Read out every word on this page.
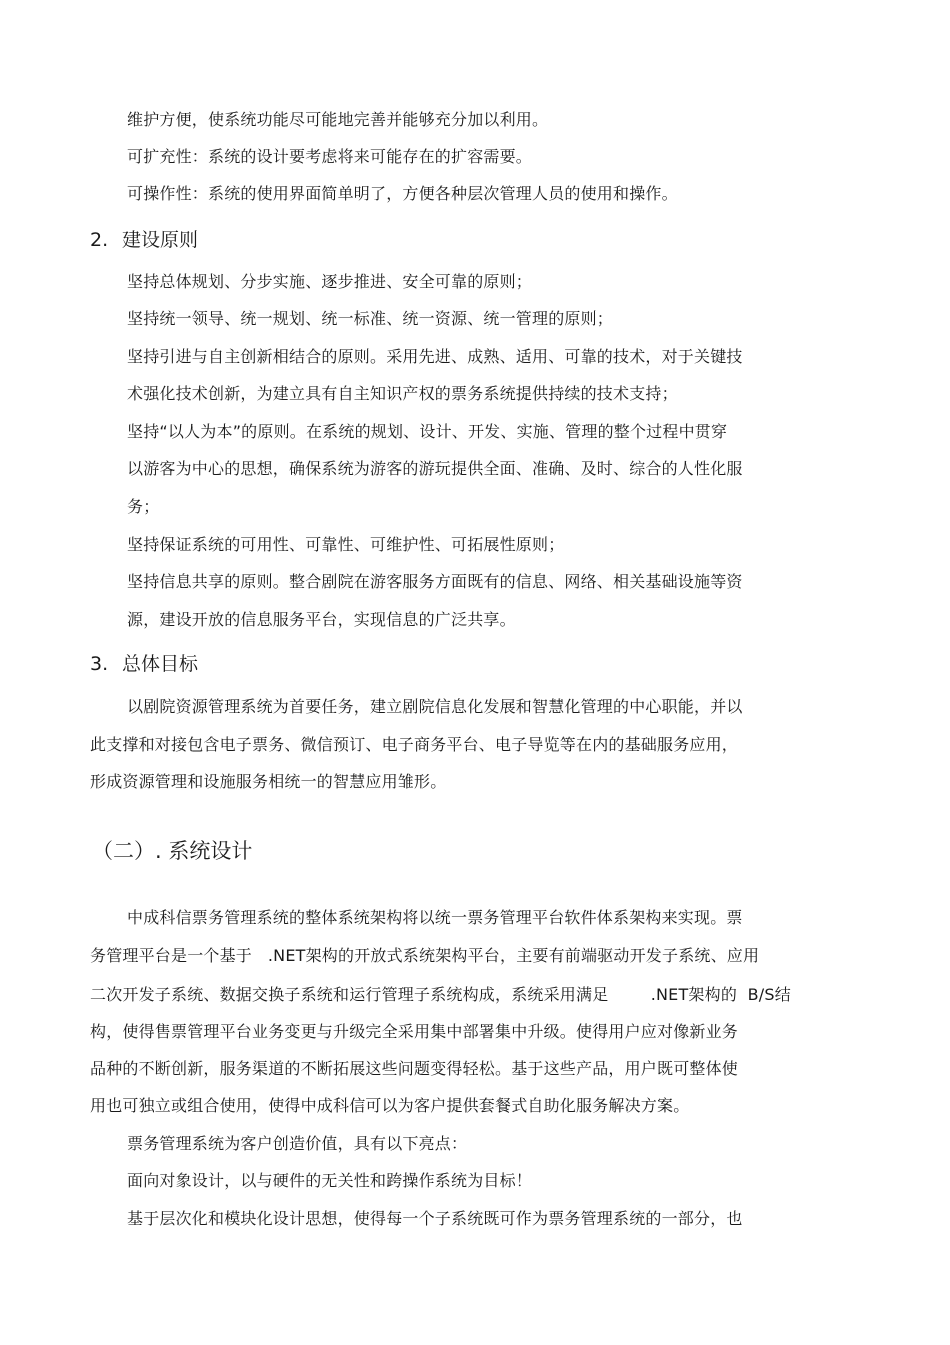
维护方便，使系统功能尽可能地完善并能够充分加以利用。
可扩充性：系统的设计要考虑将来可能存在的扩容需要。
可操作性：系统的使用界面简单明了，方便各种层次管理人员的使用和操作。
2. 建设原则
坚持总体规划、分步实施、逐步推进、安全可靠的原则；
坚持统一领导、统一规划、统一标准、统一资源、统一管理的原则；
坚持引进与自主创新相结合的原则。采用先进、成熟、适用、可靠的技术，对于关键技
术强化技术创新，为建立具有自主知识产权的票务系统提供持续的技术支持；
坚持“以人为本”的原则。在系统的规划、设计、开发、实施、管理的整个过程中贯穿
以游客为中心的思想，确保系统为游客的游玩提供全面、准确、及时、综合的人性化服
务；
坚持保证系统的可用性、可靠性、可维护性、可拓展性原则；
坚持信息共享的原则。整合剧院在游客服务方面既有的信息、网络、相关基础设施等资
源，建设开放的信息服务平台，实现信息的广泛共享。
3. 总体目标
以剧院资源管理系统为首要任务，建立剧院信息化发展和智慧化管理的中心职能，并以
此支撑和对接包含电子票务、微信预订、电子商务平台、电子导览等在内的基础服务应用，
形成资源管理和设施服务相统一的智慧应用雏形。
（二）. 系统设计
中成科信票务管理系统的整体系统架构将以统一票务管理平台软件体系架构来实现。票
务管理平台是一个基于   .NET架构的开放式系统架构平台，主要有前端驱动开发子系统、应用
二次开发子系统、数据交换子系统和运行管理子系统构成，系统采用满足        .NET架构的  B/S结
构，使得售票管理平台业务变更与升级完全采用集中部署集中升级。使得用户应对像新业务
品种的不断创新，服务渠道的不断拓展这些问题变得轻松。基于这些产品，用户既可整体使
用也可独立或组合使用，使得中成科信可以为客户提供套餐式自助化服务解决方案。
票务管理系统为客户创造价值，具有以下亮点：
面向对象设计，以与硬件的无关性和跨操作系统为目标！
基于层次化和模块化设计思想，使得每一个子系统既可作为票务管理系统的一部分，也
